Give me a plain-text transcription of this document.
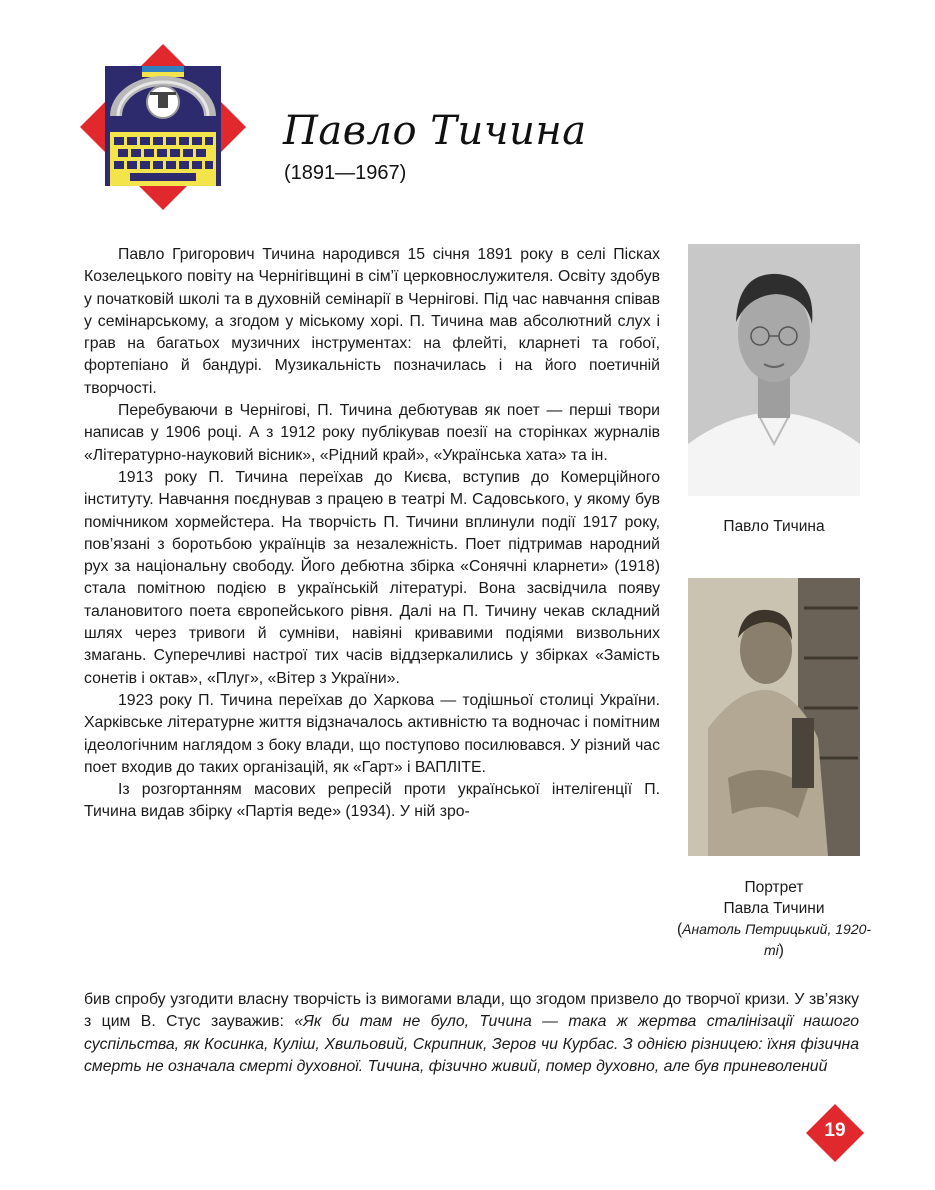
Павло Тичина
(1891—1967)

Павло Григорович Тичина народився 15 січня 1891 року в селі Пісках Козелецького повіту на Чернігівщині в сім’ї церковнослужителя. Освіту здобув у початковій школі та в духовній семінарії в Чернігові. Під час навчання співав у семінарському, а згодом у міському хорі. П. Тичина мав абсолютний слух і грав на багатьох музичних інструментах: на флейті, кларнеті та гобої, фортепіано й бандурі. Музикальність позначилась і на його поетичній творчості.

Перебуваючи в Чернігові, П. Тичина дебютував як поет — перші твори написав у 1906 році. А з 1912 року публікував поезії на сторінках журналів «Літературно-науковий вісник», «Рідний край», «Українська хата» та ін.

1913 року П. Тичина переїхав до Києва, вступив до Комерційного інституту. Навчання поєднував з працею в театрі М. Садовського, у якому був помічником хормейстера. На творчість П. Тичини вплинули події 1917 року, пов’язані з боротьбою українців за незалежність. Поет підтримав народний рух за національну свободу. Його дебютна збірка «Сонячні кларнети» (1918) стала помітною подією в українській літературі. Вона засвідчила появу талановитого поета європейського рівня. Далі на П. Тичину чекав складний шлях через тривоги й сумніви, навіяні кривавими подіями визвольних змагань. Суперечливі настрої тих часів віддзеркалились у збірках «Замість сонетів і октав», «Плуг», «Вітер з України».

1923 року П. Тичина переїхав до Харкова — тодішньої столиці України. Харківське літературне життя відзначалось активністю та водночас і помітним ідеологічним наглядом з боку влади, що поступово посилювався. У різний час поет входив до таких організацій, як «Гарт» і ВАПЛІТЕ.

Із розгортанням масових репресій проти української інтелігенції П. Тичина видав збірку «Партія веде» (1934). У ній зро-

бив спробу узгодити власну творчість із вимогами влади, що згодом призвело до творчої кризи. У зв’язку з цим В. Стус зауважив: «Як би там не було, Тичина — така ж жертва сталінізації нашого суспільства, як Косинка, Куліш, Хвильовий, Скрипник, Зеров чи Курбас. З однією різницею: їхня фізична смерть не означала смерті духовної. Тичина, фізично живий, помер духовно, але був приневолений

Павло Тичина
Портрет
Павла Тичини
(Анатоль Петрицький, 1920-ті)
19
